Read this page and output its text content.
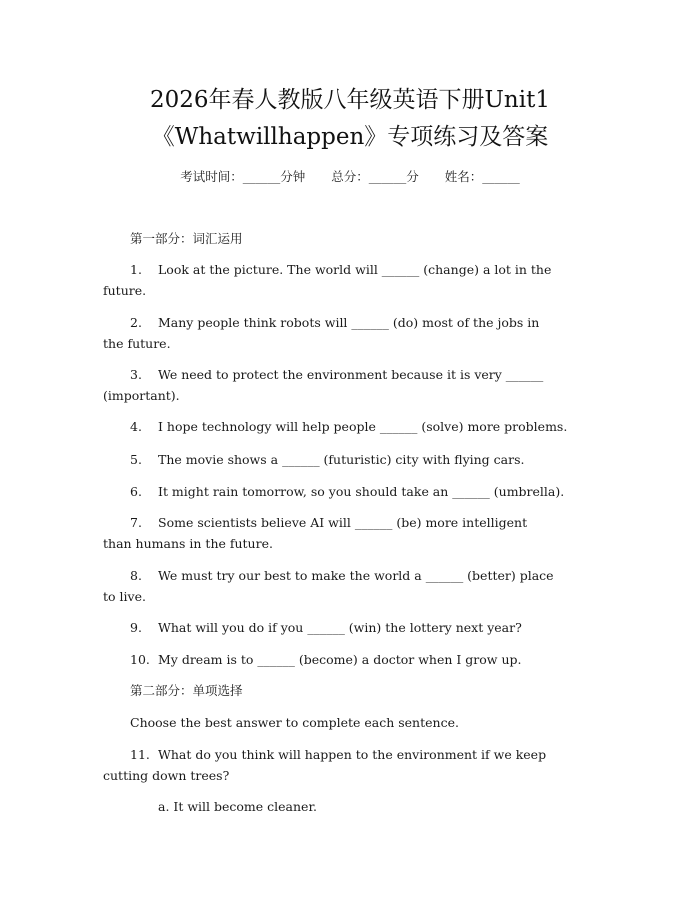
2026年春人教版八年级英语下册Unit1
《Whatwillhappen》专项练习及答案
考试时间：______分钟 总分：______分 姓名：______
第一部分：词汇运用
1. Look at the picture. The world will ______ (change) a lot in the
future.
2. Many people think robots will ______ (do) most of the jobs in
the future.
3. We need to protect the environment because it is very ______
(important).
4. I hope technology will help people ______ (solve) more problems.
5. The movie shows a ______ (futuristic) city with flying cars.
6. It might rain tomorrow, so you should take an ______ (umbrella).
7. Some scientists believe AI will ______ (be) more intelligent
than humans in the future.
8. We must try our best to make the world a ______ (better) place
to live.
9. What will you do if you ______ (win) the lottery next year?
10. My dream is to ______ (become) a doctor when I grow up.
第二部分：单项选择
Choose the best answer to complete each sentence.
11. What do you think will happen to the environment if we keep
cutting down trees?
a. It will become cleaner.
